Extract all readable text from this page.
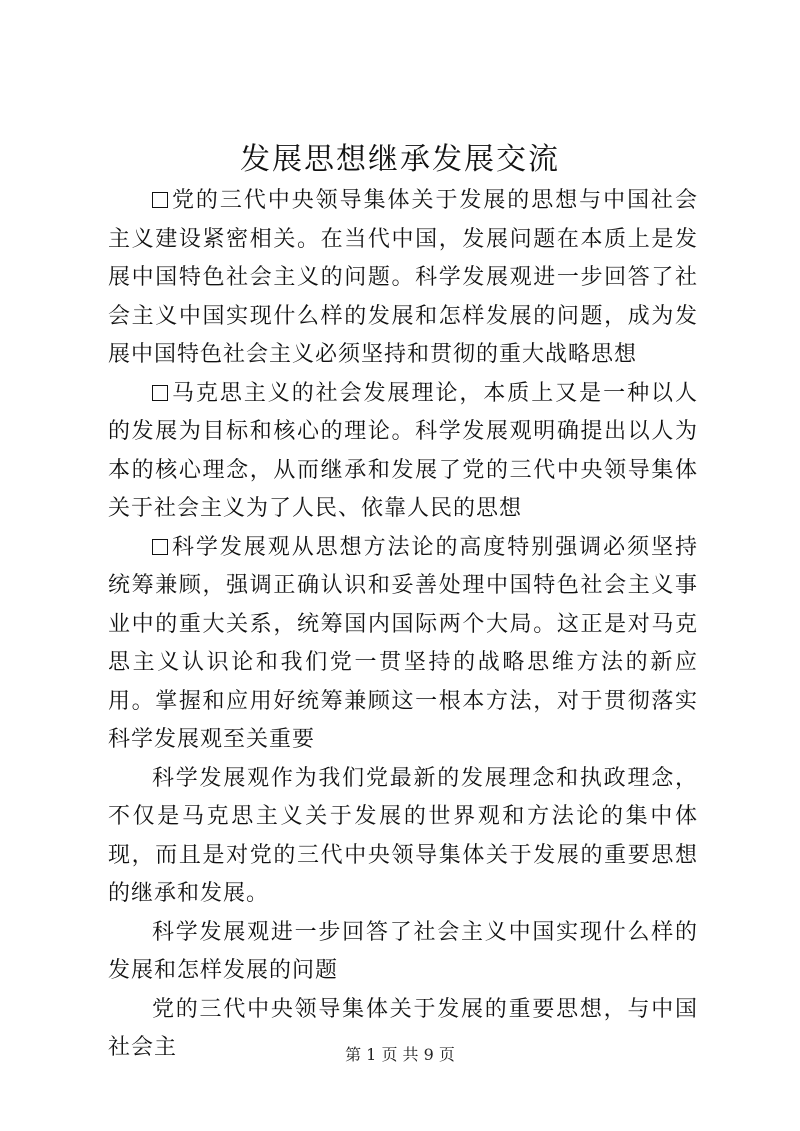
发展思想继承发展交流

党的三代中央领导集体关于发展的思想与中国社会主义建设紧密相关。在当代中国，发展问题在本质上是发展中国特色社会主义的问题。科学发展观进一步回答了社会主义中国实现什么样的发展和怎样发展的问题，成为发展中国特色社会主义必须坚持和贯彻的重大战略思想

马克思主义的社会发展理论，本质上又是一种以人的发展为目标和核心的理论。科学发展观明确提出以人为本的核心理念，从而继承和发展了党的三代中央领导集体关于社会主义为了人民、依靠人民的思想

科学发展观从思想方法论的高度特别强调必须坚持统筹兼顾，强调正确认识和妥善处理中国特色社会主义事业中的重大关系，统筹国内国际两个大局。这正是对马克思主义认识论和我们党一贯坚持的战略思维方法的新应用。掌握和应用好统筹兼顾这一根本方法，对于贯彻落实科学发展观至关重要

科学发展观作为我们党最新的发展理念和执政理念，不仅是马克思主义关于发展的世界观和方法论的集中体现，而且是对党的三代中央领导集体关于发展的重要思想的继承和发展。

科学发展观进一步回答了社会主义中国实现什么样的发展和怎样发展的问题

党的三代中央领导集体关于发展的重要思想，与中国社会主	第 1 页 共 9 页
